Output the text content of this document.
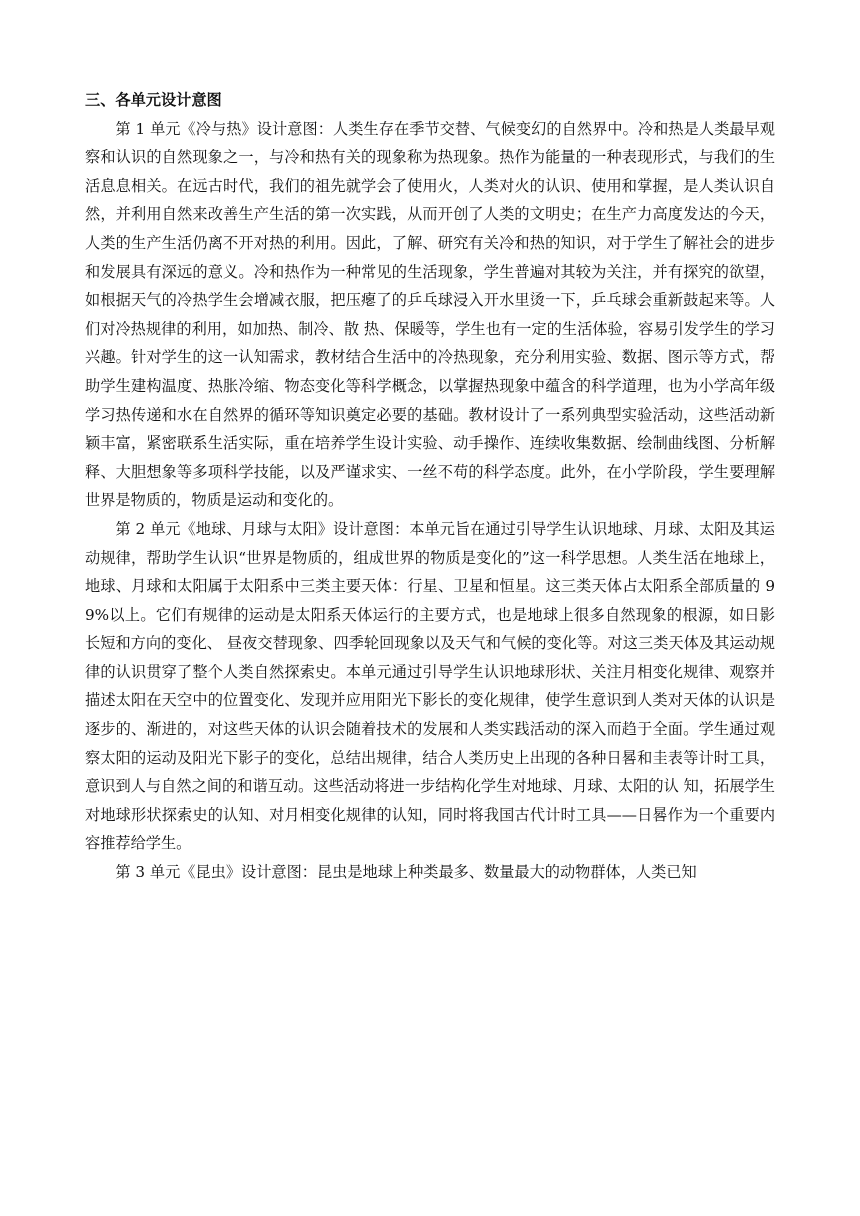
三、各单元设计意图

第 1 单元《冷与热》设计意图：人类生存在季节交替、气候变幻的自然界中。冷和热是人类最早观察和认识的自然现象之一，与冷和热有关的现象称为热现象。热作为能量的一种表现形式，与我们的生活息息相关。在远古时代，我们的祖先就学会了使用火，人类对火的认识、使用和掌握，是人类认识自然，并利用自然来改善生产生活的第一次实践，从而开创了人类的文明史；在生产力高度发达的今天，人类的生产生活仍离不开对热的利用。因此，了解、研究有关冷和热的知识，对于学生了解社会的进步和发展具有深远的意义。冷和热作为一种常见的生活现象，学生普遍对其较为关注，并有探究的欲望，如根据天气的冷热学生会增减衣服，把压瘪了的乒乓球浸入开水里烫一下，乒乓球会重新鼓起来等。人们对冷热规律的利用，如加热、制冷、散 热、保暖等，学生也有一定的生活体验，容易引发学生的学习兴趣。针对学生的这一认知需求，教材结合生活中的冷热现象，充分利用实验、数据、图示等方式，帮助学生建构温度、热胀冷缩、物态变化等科学概念，以掌握热现象中蕴含的科学道理，也为小学高年级学习热传递和水在自然界的循环等知识奠定必要的基础。教材设计了一系列典型实验活动，这些活动新颖丰富，紧密联系生活实际，重在培养学生设计实验、动手操作、连续收集数据、绘制曲线图、分析解释、大胆想象等多项科学技能，以及严谨求实、一丝不苟的科学态度。此外，在小学阶段，学生要理解世界是物质的，物质是运动和变化的。

第 2 单元《地球、月球与太阳》设计意图：本单元旨在通过引导学生认识地球、月球、太阳及其运动规律，帮助学生认识“世界是物质的，组成世界的物质是变化的”这一科学思想。人类生活在地球上，地球、月球和太阳属于太阳系中三类主要天体：行星、卫星和恒星。这三类天体占太阳系全部质量的 99%以上。它们有规律的运动是太阳系天体运行的主要方式，也是地球上很多自然现象的根源，如日影长短和方向的变化、 昼夜交替现象、四季轮回现象以及天气和气候的变化等。对这三类天体及其运动规律的认识贯穿了整个人类自然探索史。本单元通过引导学生认识地球形状、关注月相变化规律、观察并描述太阳在天空中的位置变化、发现并应用阳光下影长的变化规律，使学生意识到人类对天体的认识是逐步的、渐进的，对这些天体的认识会随着技术的发展和人类实践活动的深入而趋于全面。学生通过观察太阳的运动及阳光下影子的变化，总结出规律，结合人类历史上出现的各种日晷和圭表等计时工具，意识到人与自然之间的和谐互动。这些活动将进一步结构化学生对地球、月球、太阳的认 知，拓展学生对地球形状探索史的认知、对月相变化规律的认知，同时将我国古代计时工具——日晷作为一个重要内容推荐给学生。

第 3 单元《昆虫》设计意图：昆虫是地球上种类最多、数量最大的动物群体，人类已知
